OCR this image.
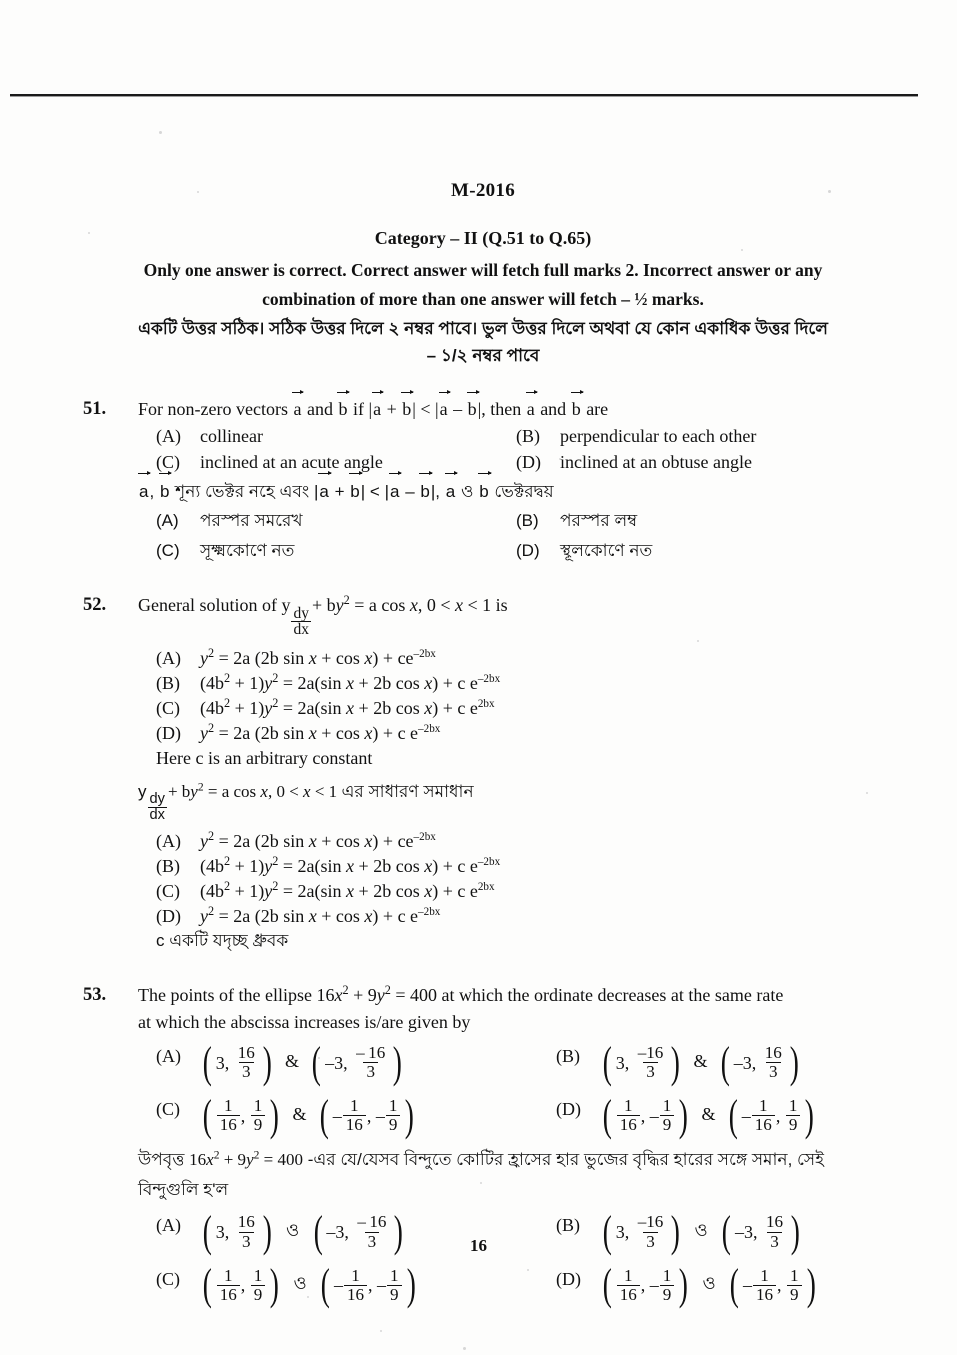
M-2016
Category – II (Q.51 to Q.65)
Only one answer is correct. Correct answer will fetch full marks 2. Incorrect answer or any
combination of more than one answer will fetch – ½ marks.
একটি উত্তর সঠিক। সঠিক উত্তর দিলে ২ নম্বর পাবে। ভুল উত্তর দিলে অথবা যে কোন একাধিক উত্তর দিলে
– ১/২ নম্বর পাবে
51.	For non-zero vectors a and b if |a + b| < |a – b|, then a and b are
(A)	collinear	(B)	perpendicular to each other
(C)	inclined at an acute angle	(D)	inclined at an obtuse angle
a, b শূন্য ভেক্টর নহে এবং |a + b| < |a – b|, a ও b ভেক্টরদ্বয়
(A)	পরস্পর সমরেখ	(B)	পরস্পর লম্ব
(C)	সূক্ষ্মকোণে নত	(D)	স্থূলকোণে নত
52.	General solution of y
$\frac{dy}{dx}$
+ $by^2 = a$ cos x, 0 < x < 1 is
(A)	$y^2 = 2a$ (2b $\sin x + \cos x) + ce^{-2bx}$
(B)	$(4b^2 + 1)y^2 = 2a(\sin$ x + 2b cos x) + c $e^{-2bx}$
(C)	$(4b^2 + 1)y^2 = 2a(\sin$ x + 2b cos x) + c $e^{2bx}$
(D)	$y^2 = 2a$ (2b sin x + cos x) + c $e^{-2bx}$
Here c is an arbitrary constant
y
$\frac{dy}{dx}$
+ $by^2 = a$ cos x, 0 < x < 1 এর সাধারণ সমাধান
(A)	$y^2 = 2a$ (2b $\sin x + \cos x) + ce^{-2bx}$
(B)	$(4b^2 + 1)y^2 = 2a(\sin$ x + 2b cos x) + c $e^{-2bx}$
(C)	$(4b^2 + 1)y^2 = 2a(\sin$ x + 2b cos x) + c $e^{2bx}$
(D)	$y^2 = 2a$ (2b sin x + cos x) + c $e^{-2bx}$
c একটি যদৃচ্ছ ধ্রুবক
53.	The points of the ellipse $16x^2 + 9y^2 = 400$ at which the ordinate decreases at the same rate
at which the abscissa increases is/are given by
(A) ( 3, $\frac{16}{3}$ ) & ( –3, $\frac{- 16}{3}$ )	(B) ( 3, $\frac{-16}{3}$ ) & ( –3, $\frac{16}{3}$ )
(C) ( $\frac{1}{16}$ , $\frac{1}{9}$ ) & ( – $\frac{1}{16}$ , – $\frac{1}{9}$ )	(D) ( $\frac{1}{16}$ , – $\frac{1}{9}$ ) & ( – $\frac{1}{16}$ , $\frac{1}{9}$ )
উপবৃত্ত $16x^2 + 9y^2 = 400$ -এর যে/যেসব বিন্দুতে কোটির হ্রাসের হার ভুজের বৃদ্ধির হারের সঙ্গে সমান, সেই
বিন্দুগুলি হ'ল
(A) ( 3, $\frac{16}{3}$ ) ও ( –3, $\frac{- 16}{3}$ )	(B) ( 3, $\frac{-16}{3}$ ) ও ( –3, $\frac{16}{3}$ )
(C) ( $\frac{1}{16}$ , $\frac{1}{9}$ ) ও ( – $\frac{1}{16}$ , – $\frac{1}{9}$ )	(D) ( $\frac{1}{16}$ , – $\frac{1}{9}$ ) ও ( – $\frac{1}{16}$ , $\frac{1}{9}$ )
16
